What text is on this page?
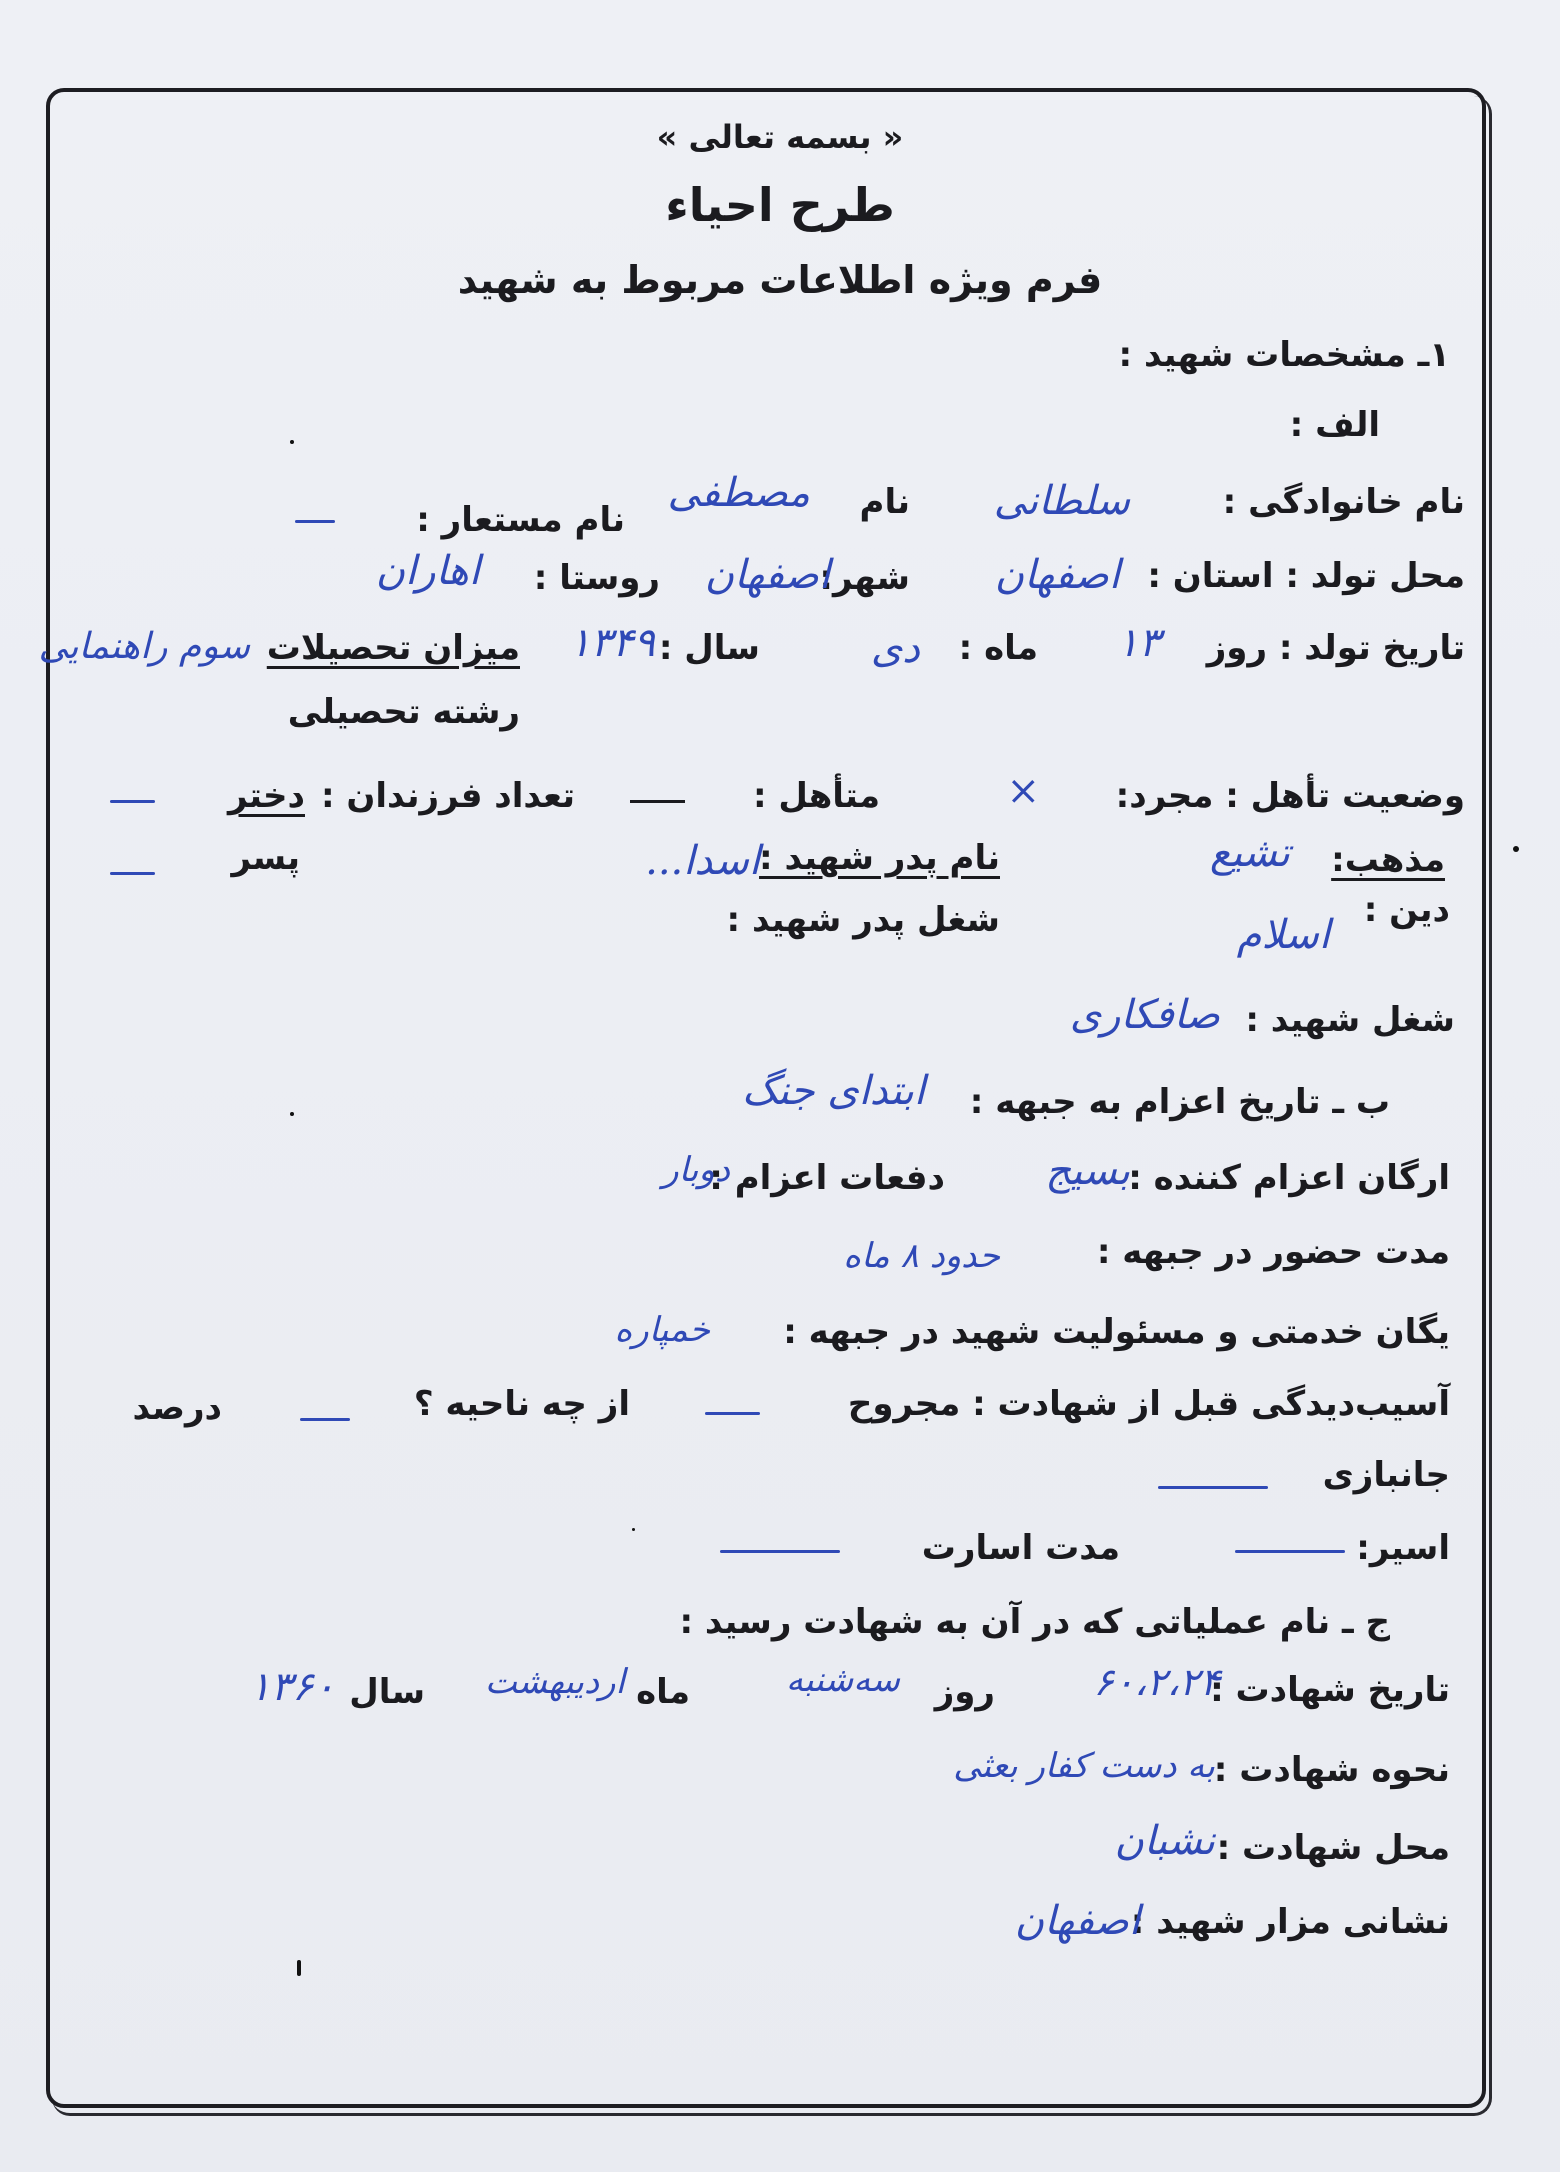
« بسمه تعالی »
طرح احیاء
فرم ویژه اطلاعات مربوط به شهید
۱ـ مشخصات شهید :
الف :
نام خانوادگی :
سلطانی
نام
مصطفی
نام مستعار :
محل تولد : استان :
اصفهان
شهر:
اصفهان
روستا :
اهاران
تاریخ تولد : روز
۱۳
ماه :
دی
سال :
۱۳۴۹
میزان تحصیلات
سوم راهنمایی
رشته تحصیلی
وضعیت تأهل : مجرد:
×
متأهل :
تعداد فرزندان :
دختر
پسر	مذهب:
تشیع
نام پدر شهید :
اسدا...
دین :
اسلام
شغل پدر شهید :
شغل شهید :
صافکاری
ب ـ تاریخ اعزام به جبهه :
ابتدای جنگ
ارگان اعزام کننده :
بسیج
دفعات اعزام :
دوبار
مدت حضور در جبهه :
حدود ۸ ماه
یگان خدمتی و مسئولیت شهید در جبهه :
خمپاره
آسیب‌دیدگی قبل از شهادت : مجروح
از چه ناحیه ؟
درصد
جانبازی
اسیر:
مدت اسارت
ج ـ نام عملیاتی که در آن به شهادت رسید :
تاریخ شهادت :
۶۰،۲،۲۴
روز
سه‌شنبه
ماه
اردیبهشت
سال
۱۳۶۰
نحوه شهادت :
به دست کفار بعثی
محل شهادت :
نشبان
نشانی مزار شهید :
اصفهان
